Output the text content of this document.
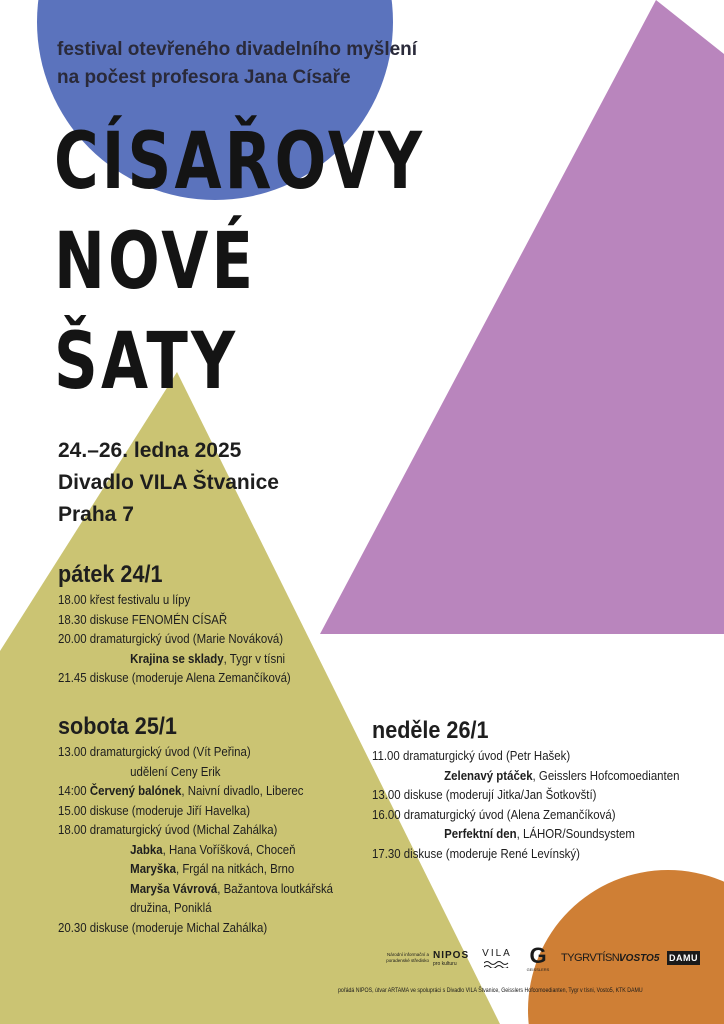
festival otevřeného divadelního myšlení
na počest profesora Jana Císaře
CÍSAŘOVY
NOVÉ
ŠATY
24.–26. ledna 2025
Divadlo VILA Štvanice
Praha 7
pátek 24/1
18.00 křest festivalu u lípy
18.30 diskuse FENOMÉN CÍSAŘ
20.00 dramaturgický úvod (Marie Nováková)
Krajina se sklady, Tygr v tísni
21.45 diskuse (moderuje Alena Zemančíková)
sobota 25/1
13.00 dramaturgický úvod (Vít Peřina)
udělení Ceny Erik
14:00 Červený balónek, Naivní divadlo, Liberec
15.00 diskuse (moderuje Jiří Havelka)
18.00 dramaturgický úvod (Michal Zahálka)
Jabka, Hana Voříšková, Choceň
Maryška, Frgál na nitkách, Brno
Maryša Vávrová, Bažantova loutkářská
družina, Poniklá
20.30 diskuse (moderuje Michal Zahálka)
neděle 26/1
11.00 dramaturgický úvod (Petr Hašek)
Zelenavý ptáček, Geisslers Hofcomoedianten
13.00 diskuse (moderují Jitka/Jan Šotkovští)
16.00 dramaturgický úvod (Alena Zemančíková)
Perfektní den, LÁHOR/Soundsystem
17.30 diskuse (moderuje René Levínský)
Národní informační a poradenské středisko NIPOS
pro kulturu
VILA G
GEISSLERS
TYGRVTÍSNI
VOSTO5 DAMU
pořádá NIPOS, útvar ARTAMA ve spolupráci s Divadlo VILA Štvanice, Geisslers Hofcomoedianten, Tygr v tísni, Vosto5, KTK DAMU
